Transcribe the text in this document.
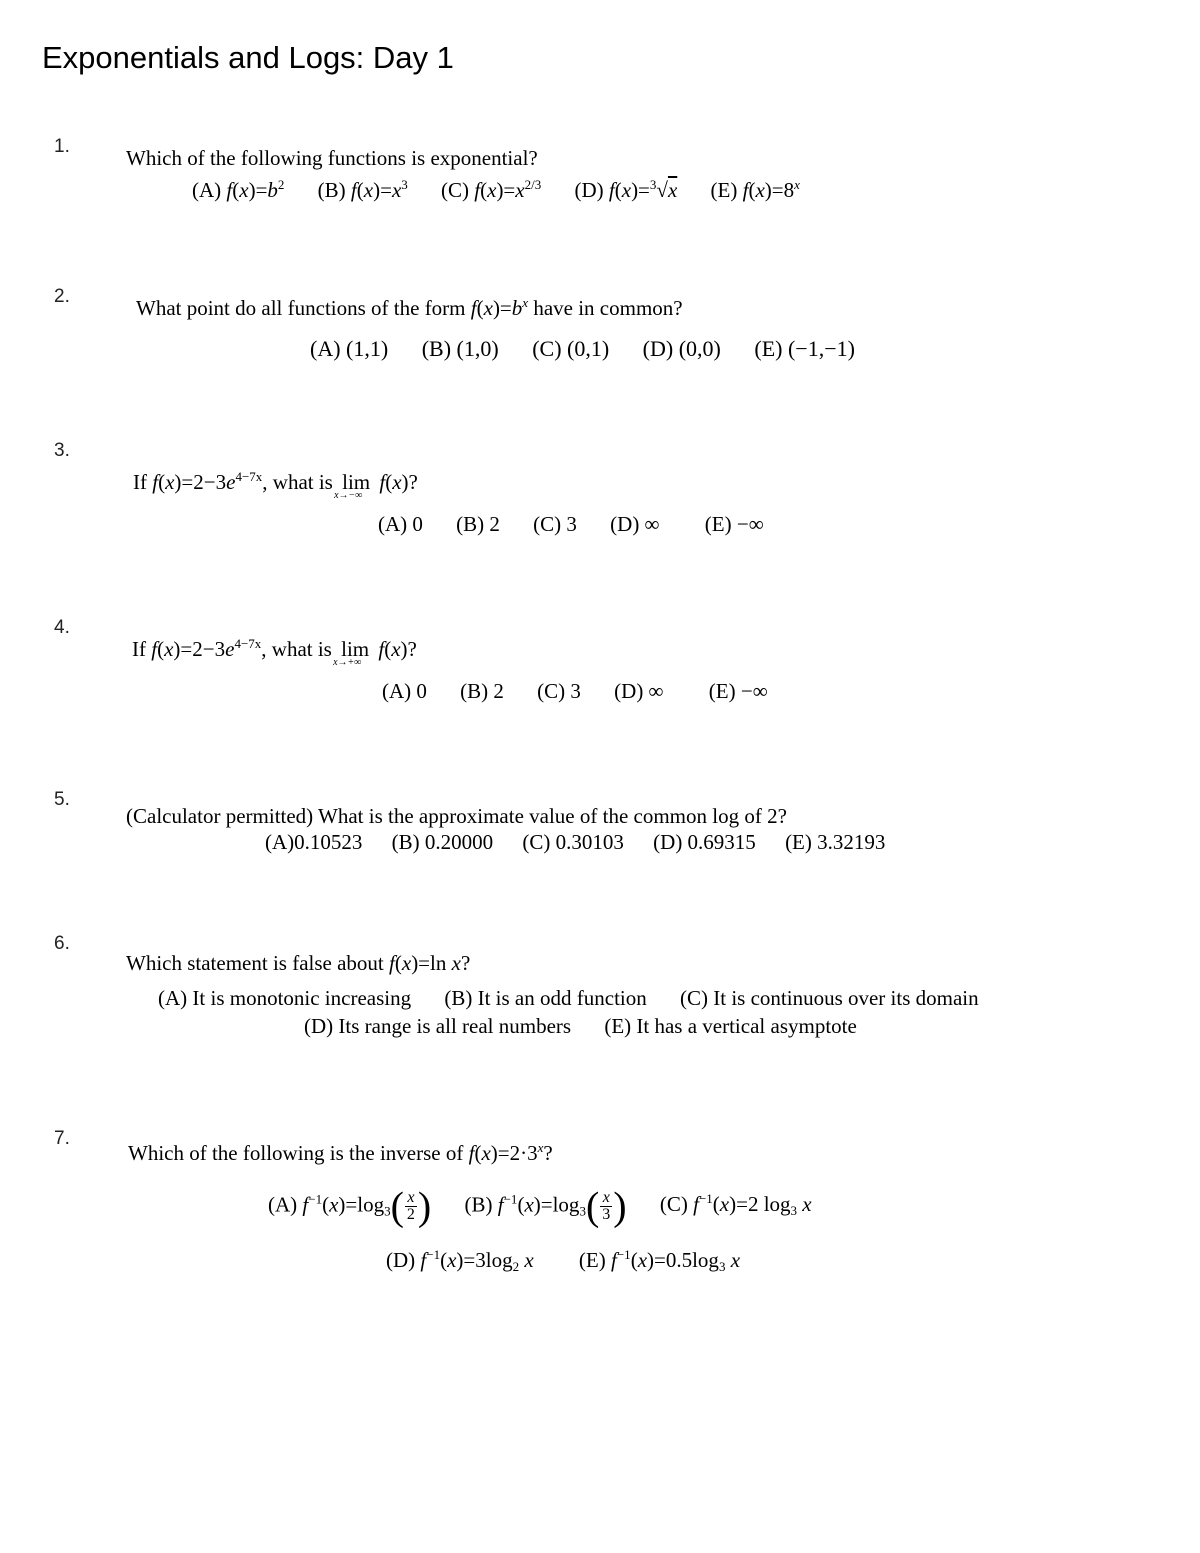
Exponentials and Logs: Day 1
1.	Which of the following functions is exponential?
(A) $f(x)=b^2$ (B) $f(x)=x^3$ (C) $f(x)=x^{2/3}$ (D) f(x)=$^3$√x (E) $f(x)=8^x$
2.	What point do all functions of the form $f(x)=b^x$ have in common?
(A) (1,1) (B) (1,0) (C) (0,1) (D) (0,0) (E) (−1,−1)
3.
If $f(x)=2-3e^{4-7x}$, what is lim
x→−∞
f(x)?
(A) 0 (B) 2 (C) 3 (D) ∞ (E) −∞
4.
If $f(x)=2-3e^{4-7x}$, what is lim
x→+∞
f(x)?
(A) 0 (B) 2 (C) 3 (D) ∞ (E) −∞
5.
(Calculator permitted) What is the approximate value of the common log of 2?
(A)0.10523 (B) 0.20000 (C) 0.30103 (D) 0.69315 (E) 3.32193
6.
Which statement is false about f(x)=ln x?
(A) It is monotonic increasing (B) It is an odd function (C) It is continuous over its domain
(D) Its range is all real numbers (E) It has a vertical asymptote
7.
Which of the following is the inverse of $f(x)=2\cdot 3^x$?
(A) $f^{-1}(x)=\log_3( \frac{x}{2}$ ) (B) $f^{-1}(x)=\log_3( \frac{x}{3}$ ) (C) $f^{-1}(x)=2$ $\log_3 x$
(D) $f^{-1}(x)=3\log_2$ x (E) $f^{-1}(x)=0.5\log_3$ x
